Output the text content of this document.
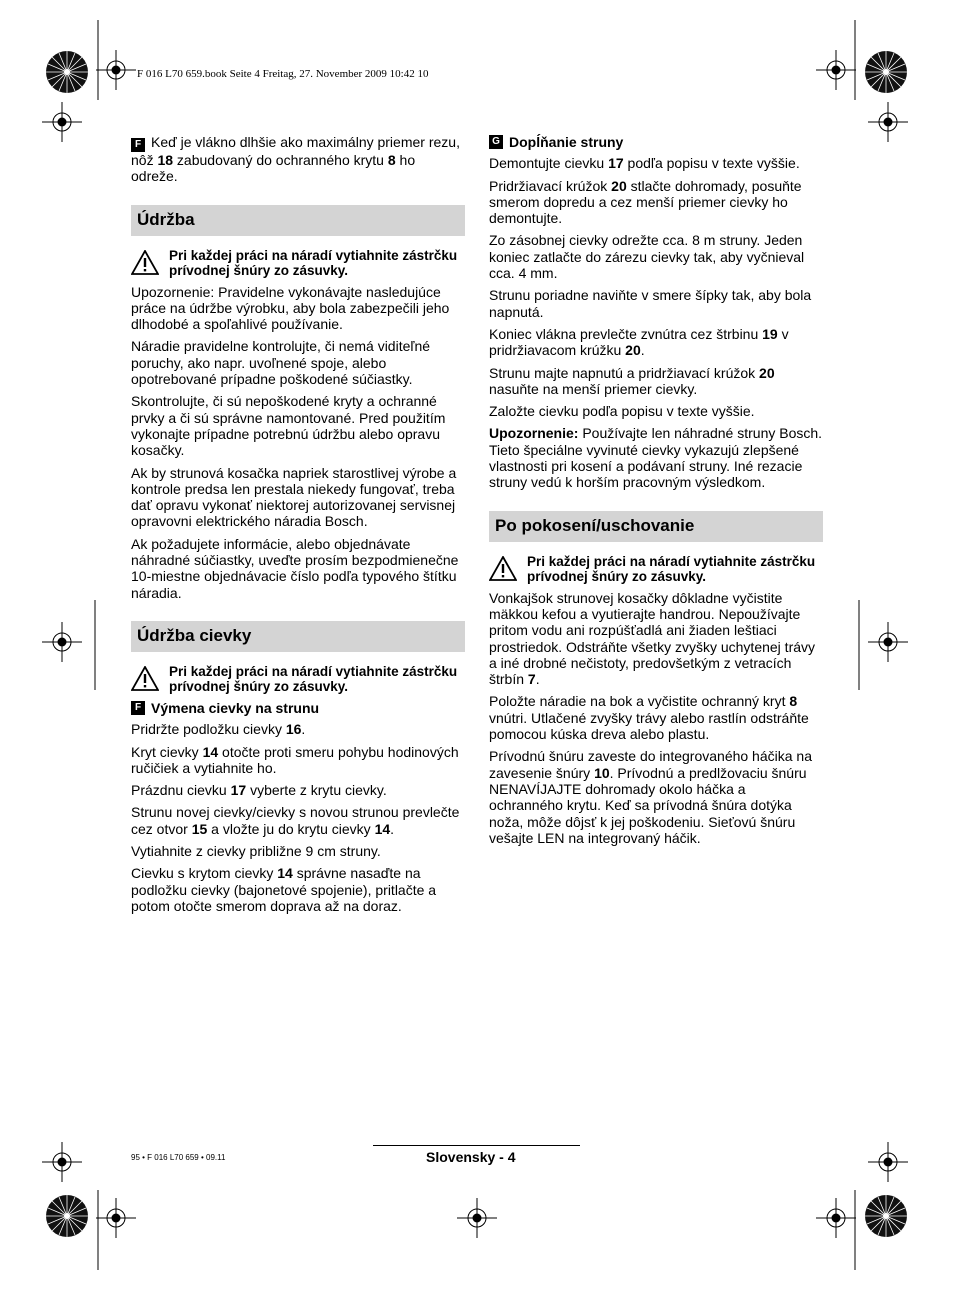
F 016 L70 659.book Seite 4 Freitag, 27. November 2009 10:42 10

F Keď je vlákno dlhšie ako maximálny priemer rezu, nôž 18 zabudovaný do ochranného krytu 8 ho odreže.

Údržba
Pri každej práci na náradí vytiahnite zástrčku prívodnej šnúry zo zásuvky.

Upozornenie: Pravidelne vykonávajte nasledujúce práce na údržbe výrobku, aby bola zabezpečili jeho dlhodobé a spoľahlivé používanie.

Náradie pravidelne kontrolujte, či nemá viditeľné poruchy, ako napr. uvoľnené spoje, alebo opotrebované prípadne poškodené súčiastky.

Skontrolujte, či sú nepoškodené kryty a ochranné prvky a či sú správne namontované. Pred použitím vykonajte prípadne potrebnú údržbu alebo opravu kosačky.

Ak by strunová kosačka napriek starostlivej výrobe a kontrole predsa len prestala niekedy fungovať, treba dať opravu vykonať niektorej autorizovanej servisnej opravovni elektrického náradia Bosch.

Ak požadujete informácie, alebo objednávate náhradné súčiastky, uveďte prosím bezpodmienečne 10-miestne objednávacie číslo podľa typového štítku náradia.

Údržba cievky
Pri každej práci na náradí vytiahnite zástrčku prívodnej šnúry zo zásuvky.
F Výmena cievky na strunu

Pridržte podložku cievky 16.

Kryt cievky 14 otočte proti smeru pohybu hodinových ručičiek a vytiahnite ho.

Prázdnu cievku 17 vyberte z krytu cievky.

Strunu novej cievky/cievky s novou strunou prevlečte cez otvor 15 a vložte ju do krytu cievky 14.

Vytiahnite z cievky približne 9 cm struny.

Cievku s krytom cievky 14 správne nasaďte na podložku cievky (bajonetové spojenie), pritlačte a potom otočte smerom doprava až na doraz.

G Dopĺňanie struny

Demontujte cievku 17 podľa popisu v texte vyššie.

Pridržiavací krúžok 20 stlačte dohromady, posuňte smerom dopredu a cez menší priemer cievky ho demontujte.

Zo zásobnej cievky odrežte cca. 8 m struny. Jeden koniec zatlačte do zárezu cievky tak, aby vyčnieval cca. 4 mm.

Strunu poriadne naviňte v smere šípky tak, aby bola napnutá.

Koniec vlákna prevlečte zvnútra cez štrbinu 19 v pridržiavacom krúžku 20.

Strunu majte napnutú a pridržiavací krúžok 20 nasuňte na menší priemer cievky.

Založte cievku podľa popisu v texte vyššie.

Upozornenie: Používajte len náhradné struny Bosch. Tieto špeciálne vyvinuté cievky vykazujú zlepšené vlastnosti pri kosení a podávaní struny. Iné rezacie struny vedú k horším pracovným výsledkom.

Po pokosení/uschovanie
Pri každej práci na náradí vytiahnite zástrčku prívodnej šnúry zo zásuvky.

Vonkajšok strunovej kosačky dôkladne vyčistite mäkkou kefou a vyutierajte handrou. Nepoužívajte pritom vodu ani rozpúšťadlá ani žiaden leštiaci prostriedok. Odstráňte všetky zvyšky uchytenej trávy a iné drobné nečistoty, predovšetkým z vetracích štrbín 7.

Položte náradie na bok a vyčistite ochranný kryt 8 vnútri. Utlačené zvyšky trávy alebo rastlín odstráňte pomocou kúska dreva alebo plastu.

Prívodnú šnúru zaveste do integrovaného háčika na zavesenie šnúry 10. Prívodnú a predlžovaciu šnúru NENAVÍJAJTE dohromady okolo háčka a ochranného krytu. Keď sa prívodná šnúra dotýka noža, môže dôjsť k jej poškodeniu. Sieťovú šnúru vešajte LEN na integrovaný háčik.

95 • F 016 L70 659 • 09.11	Slovensky - 4
